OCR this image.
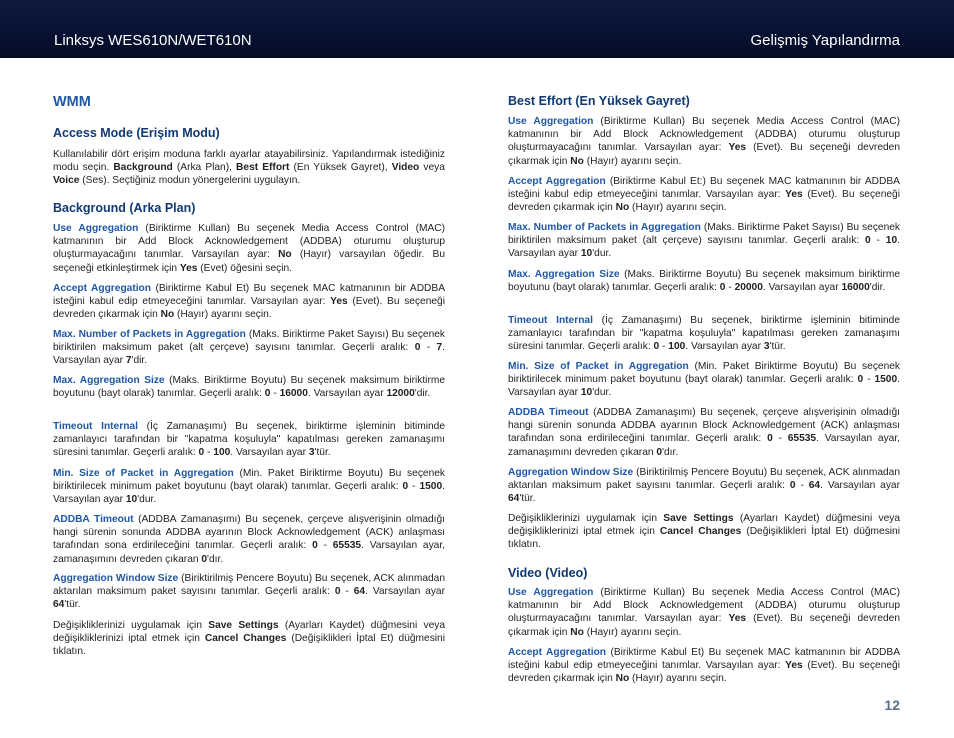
Linksys WES610N/WET610N	Gelişmiş Yapılandırma
WMM
Access Mode (Erişim Modu)

Kullanılabilir dört erişim moduna farklı ayarlar atayabilirsiniz. Yapılandırmak istediğiniz modu seçin. Background (Arka Plan), Best Effort (En Yüksek Gayret), Video veya Voice (Ses). Seçtiğiniz modun yönergelerini uygulayın.

Background (Arka Plan)

Use Aggregation (Biriktirme Kullan) Bu seçenek Media Access Control (MAC) katmanının bir Add Block Acknowledgement (ADDBA) oturumu oluşturup oluşturmayacağını tanımlar. Varsayılan ayar: No (Hayır) varsayılan öğedir. Bu seçeneği etkinleştirmek için Yes (Evet) öğesini seçin.

Accept Aggregation (Biriktirme Kabul Et) Bu seçenek MAC katmanının bir ADDBA isteğini kabul edip etmeyeceğini tanımlar. Varsayılan ayar: Yes (Evet). Bu seçeneği devreden çıkarmak için No (Hayır) ayarını seçin.

Max. Number of Packets in Aggregation (Maks. Biriktirme Paket Sayısı) Bu seçenek biriktirilen maksimum paket (alt çerçeve) sayısını tanımlar. Geçerli aralık: 0 - 7. Varsayılan ayar 7'dir.

Max. Aggregation Size (Maks. Biriktirme Boyutu) Bu seçenek maksimum biriktirme boyutunu (bayt olarak) tanımlar. Geçerli aralık: 0 - 16000. Varsayılan ayar 12000'dir.

Timeout Internal (İç Zamanaşımı) Bu seçenek, biriktirme işleminin bitiminde zamanlayıcı tarafından bir "kapatma koşuluyla" kapatılması gereken zamanaşımı süresini tanımlar. Geçerli aralık: 0 - 100. Varsayılan ayar 3'tür.

Min. Size of Packet in Aggregation (Min. Paket Biriktirme Boyutu) Bu seçenek biriktirilecek minimum paket boyutunu (bayt olarak) tanımlar. Geçerli aralık: 0 - 1500. Varsayılan ayar 10'dur.

ADDBA Timeout (ADDBA Zamanaşımı) Bu seçenek, çerçeve alışverişinin olmadığı hangi sürenin sonunda ADDBA ayarının Block Acknowledgement (ACK) anlaşması tarafından sona erdirileceğini tanımlar. Geçerli aralık: 0 - 65535. Varsayılan ayar, zamanaşımını devreden çıkaran 0'dır.

Aggregation Window Size (Biriktirilmiş Pencere Boyutu) Bu seçenek, ACK alınmadan aktarılan maksimum paket sayısını tanımlar. Geçerli aralık: 0 - 64. Varsayılan ayar 64'tür.

Değişikliklerinizi uygulamak için Save Settings (Ayarları Kaydet) düğmesini veya değişikliklerinizi iptal etmek için Cancel Changes (Değişiklikleri İptal Et) düğmesini tıklatın.

Best Effort (En Yüksek Gayret)

Use Aggregation (Biriktirme Kullan) Bu seçenek Media Access Control (MAC) katmanının bir Add Block Acknowledgement (ADDBA) oturumu oluşturup oluşturmayacağını tanımlar. Varsayılan ayar: Yes (Evet). Bu seçeneği devreden çıkarmak için No (Hayır) ayarını seçin.

Accept Aggregation (Biriktirme Kabul Et:) Bu seçenek MAC katmanının bir ADDBA isteğini kabul edip etmeyeceğini tanımlar. Varsayılan ayar: Yes (Evet). Bu seçeneği devreden çıkarmak için No (Hayır) ayarını seçin.

Max. Number of Packets in Aggregation (Maks. Biriktirme Paket Sayısı) Bu seçenek biriktirilen maksimum paket (alt çerçeve) sayısını tanımlar. Geçerli aralık: 0 - 10. Varsayılan ayar 10'dur.

Max. Aggregation Size (Maks. Biriktirme Boyutu) Bu seçenek maksimum biriktirme boyutunu (bayt olarak) tanımlar. Geçerli aralık: 0 - 20000. Varsayılan ayar 16000'dir.

Timeout Internal (İç Zamanaşımı) Bu seçenek, biriktirme işleminin bitiminde zamanlayıcı tarafından bir "kapatma koşuluyla" kapatılması gereken zamanaşımı süresini tanımlar. Geçerli aralık: 0 - 100. Varsayılan ayar 3'tür.

Min. Size of Packet in Aggregation (Min. Paket Biriktirme Boyutu) Bu seçenek biriktirilecek minimum paket boyutunu (bayt olarak) tanımlar. Geçerli aralık: 0 - 1500. Varsayılan ayar 10'dur.

ADDBA Timeout (ADDBA Zamanaşımı) Bu seçenek, çerçeve alışverişinin olmadığı hangi sürenin sonunda ADDBA ayarının Block Acknowledgement (ACK) anlaşması tarafından sona erdirileceğini tanımlar. Geçerli aralık: 0 - 65535. Varsayılan ayar, zamanaşımını devreden çıkaran 0'dır.

Aggregation Window Size (Biriktirilmiş Pencere Boyutu) Bu seçenek, ACK alınmadan aktarılan maksimum paket sayısını tanımlar. Geçerli aralık: 0 - 64. Varsayılan ayar 64'tür.

Değişikliklerinizi uygulamak için Save Settings (Ayarları Kaydet) düğmesini veya değişikliklerinizi iptal etmek için Cancel Changes (Değişiklikleri İptal Et) düğmesini tıklatın.

Video (Video)

Use Aggregation (Biriktirme Kullan) Bu seçenek Media Access Control (MAC) katmanının bir Add Block Acknowledgement (ADDBA) oturumu oluşturup oluşturmayacağını tanımlar. Varsayılan ayar: Yes (Evet). Bu seçeneği devreden çıkarmak için No (Hayır) ayarını seçin.

Accept Aggregation (Biriktirme Kabul Et) Bu seçenek MAC katmanının bir ADDBA isteğini kabul edip etmeyeceğini tanımlar. Varsayılan ayar: Yes (Evet). Bu seçeneği devreden çıkarmak için No (Hayır) ayarını seçin.

12
